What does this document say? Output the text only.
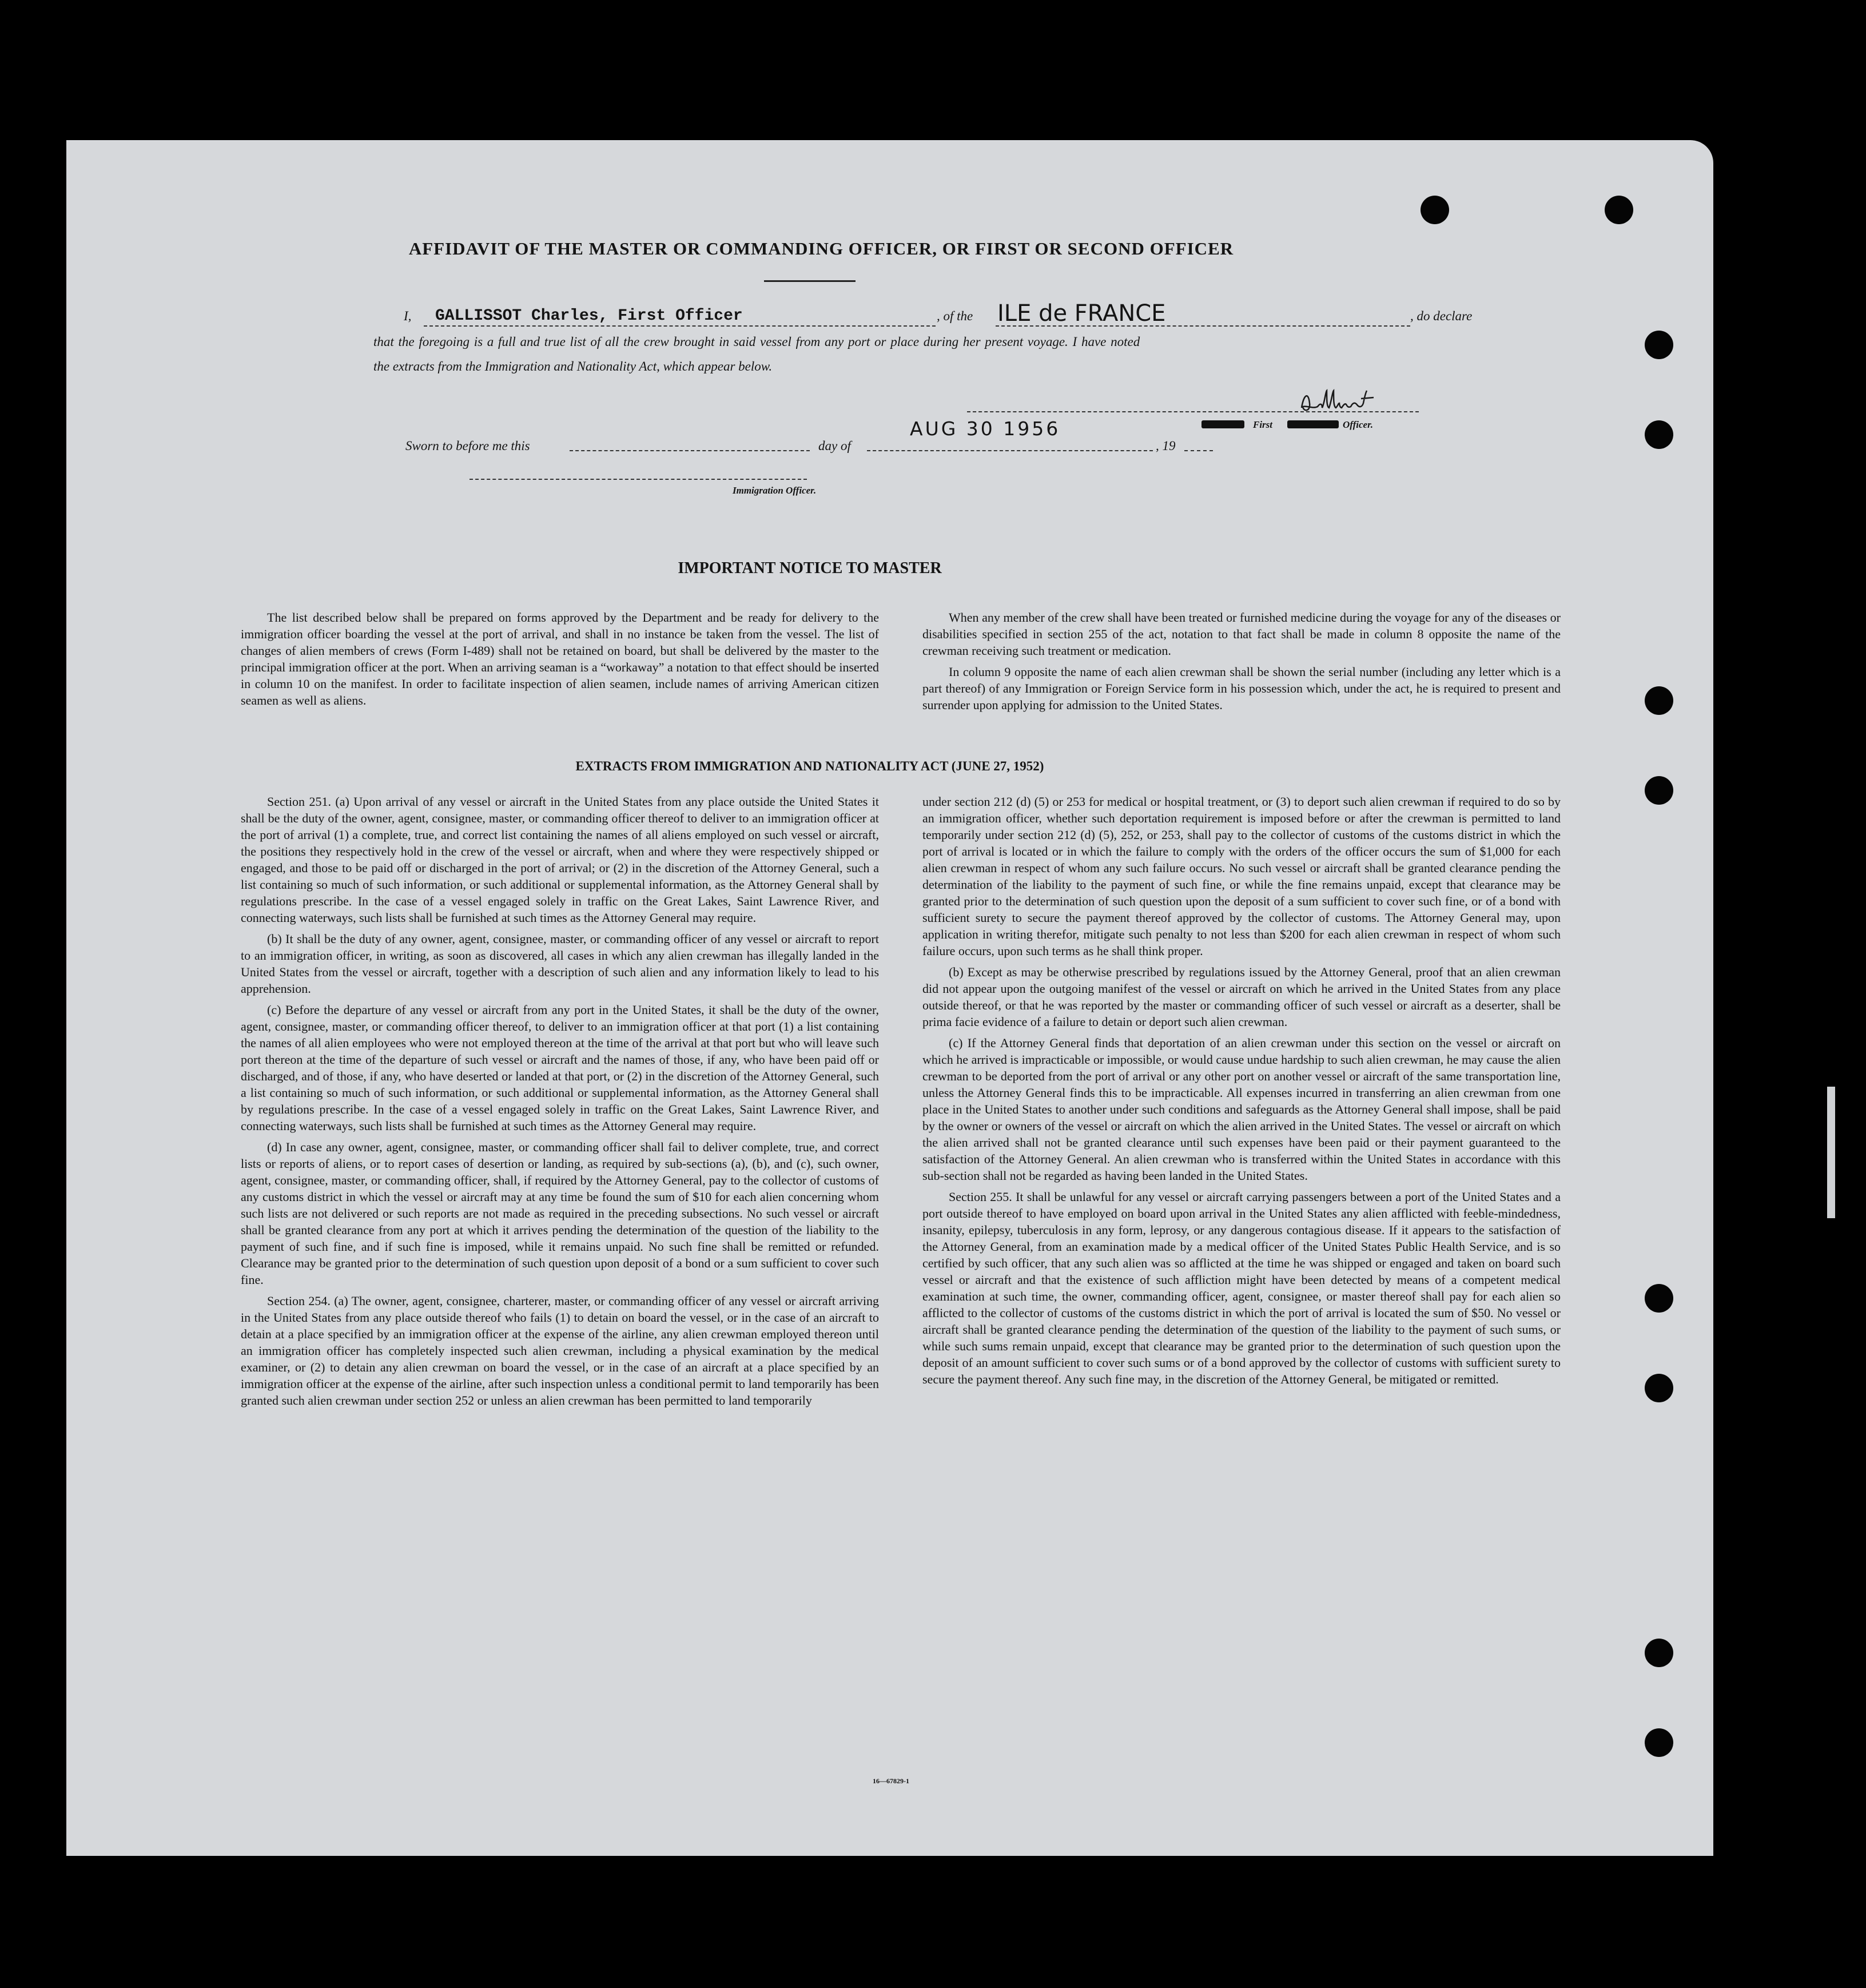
AFFIDAVIT OF THE MASTER OR COMMANDING OFFICER, OR FIRST OR SECOND OFFICER
I, GALLISSOT Charles, First Officer	, of the ILE de FRANCE	, do declare
that the foregoing is a full and true list of all the crew brought in said vessel from any port or place during her present voyage. I have noted
the extracts from the Immigration and Nationality Act, which appear below.
Sworn to before me this	day of
AUG 30 1956
, 19
First	Officer.
Immigration Officer.
IMPORTANT NOTICE TO MASTER

The list described below shall be prepared on forms approved by the Department and be ready for delivery to the immigration officer boarding the vessel at the port of arrival, and shall in no instance be taken from the vessel. The list of changes of alien members of crews (Form I-489) shall not be retained on board, but shall be delivered by the master to the principal immigration officer at the port. When an arriving seaman is a “workaway” a notation to that effect should be inserted in column 10 on the manifest. In order to facilitate inspection of alien seamen, include names of arriving American citizen seamen as well as aliens.

When any member of the crew shall have been treated or furnished medicine during the voyage for any of the diseases or disabilities specified in section 255 of the act, notation to that fact shall be made in column 8 opposite the name of the crewman receiving such treatment or medication.

In column 9 opposite the name of each alien crewman shall be shown the serial number (including any letter which is a part thereof) of any Immigration or Foreign Service form in his possession which, under the act, he is required to present and surrender upon applying for admission to the United States.

EXTRACTS FROM IMMIGRATION AND NATIONALITY ACT (JUNE 27, 1952)

Section 251. (a) Upon arrival of any vessel or aircraft in the United States from any place outside the United States it shall be the duty of the owner, agent, consignee, master, or commanding officer thereof to deliver to an immigration officer at the port of arrival (1) a complete, true, and correct list containing the names of all aliens employed on such vessel or aircraft, the positions they respectively hold in the crew of the vessel or aircraft, when and where they were respectively shipped or engaged, and those to be paid off or discharged in the port of arrival; or (2) in the discretion of the Attorney General, such a list containing so much of such information, or such additional or supplemental information, as the Attorney General shall by regulations prescribe. In the case of a vessel engaged solely in traffic on the Great Lakes, Saint Lawrence River, and connecting waterways, such lists shall be furnished at such times as the Attorney General may require.

(b) It shall be the duty of any owner, agent, consignee, master, or commanding officer of any vessel or aircraft to report to an immigration officer, in writing, as soon as discovered, all cases in which any alien crewman has illegally landed in the United States from the vessel or aircraft, together with a description of such alien and any information likely to lead to his apprehension.

(c) Before the departure of any vessel or aircraft from any port in the United States, it shall be the duty of the owner, agent, consignee, master, or commanding officer thereof, to deliver to an immigration officer at that port (1) a list containing the names of all alien employees who were not employed thereon at the time of the arrival at that port but who will leave such port thereon at the time of the departure of such vessel or aircraft and the names of those, if any, who have been paid off or discharged, and of those, if any, who have deserted or landed at that port, or (2) in the discretion of the Attorney General, such a list containing so much of such information, or such additional or supplemental information, as the Attorney General shall by regulations prescribe. In the case of a vessel engaged solely in traffic on the Great Lakes, Saint Lawrence River, and connecting waterways, such lists shall be furnished at such times as the Attorney General may require.

(d) In case any owner, agent, consignee, master, or commanding officer shall fail to deliver complete, true, and correct lists or reports of aliens, or to report cases of desertion or landing, as required by sub-sections (a), (b), and (c), such owner, agent, consignee, master, or commanding officer, shall, if required by the Attorney General, pay to the collector of customs of any customs district in which the vessel or aircraft may at any time be found the sum of $10 for each alien concerning whom such lists are not delivered or such reports are not made as required in the preceding subsections. No such vessel or aircraft shall be granted clearance from any port at which it arrives pending the determination of the question of the liability to the payment of such fine, and if such fine is imposed, while it remains unpaid. No such fine shall be remitted or refunded. Clearance may be granted prior to the determination of such question upon deposit of a bond or a sum sufficient to cover such fine.

Section 254. (a) The owner, agent, consignee, charterer, master, or commanding officer of any vessel or aircraft arriving in the United States from any place outside thereof who fails (1) to detain on board the vessel, or in the case of an aircraft to detain at a place specified by an immigration officer at the expense of the airline, any alien crewman employed thereon until an immigration officer has completely inspected such alien crewman, including a physical examination by the medical examiner, or (2) to detain any alien crewman on board the vessel, or in the case of an aircraft at a place specified by an immigration officer at the expense of the airline, after such inspection unless a conditional permit to land temporarily has been granted such alien crewman under section 252 or unless an alien crewman has been permitted to land temporarily

under section 212 (d) (5) or 253 for medical or hospital treatment, or (3) to deport such alien crewman if required to do so by an immigration officer, whether such deportation requirement is imposed before or after the crewman is permitted to land temporarily under section 212 (d) (5), 252, or 253, shall pay to the collector of customs of the customs district in which the port of arrival is located or in which the failure to comply with the orders of the officer occurs the sum of $1,000 for each alien crewman in respect of whom any such failure occurs. No such vessel or aircraft shall be granted clearance pending the determination of the liability to the payment of such fine, or while the fine remains unpaid, except that clearance may be granted prior to the determination of such question upon the deposit of a sum sufficient to cover such fine, or of a bond with sufficient surety to secure the payment thereof approved by the collector of customs. The Attorney General may, upon application in writing therefor, mitigate such penalty to not less than $200 for each alien crewman in respect of whom such failure occurs, upon such terms as he shall think proper.

(b) Except as may be otherwise prescribed by regulations issued by the Attorney General, proof that an alien crewman did not appear upon the outgoing manifest of the vessel or aircraft on which he arrived in the United States from any place outside thereof, or that he was reported by the master or commanding officer of such vessel or aircraft as a deserter, shall be prima facie evidence of a failure to detain or deport such alien crewman.

(c) If the Attorney General finds that deportation of an alien crewman under this section on the vessel or aircraft on which he arrived is impracticable or impossible, or would cause undue hardship to such alien crewman, he may cause the alien crewman to be deported from the port of arrival or any other port on another vessel or aircraft of the same transportation line, unless the Attorney General finds this to be impracticable. All expenses incurred in transferring an alien crewman from one place in the United States to another under such conditions and safeguards as the Attorney General shall impose, shall be paid by the owner or owners of the vessel or aircraft on which the alien arrived in the United States. The vessel or aircraft on which the alien arrived shall not be granted clearance until such expenses have been paid or their payment guaranteed to the satisfaction of the Attorney General. An alien crewman who is transferred within the United States in accordance with this sub-section shall not be regarded as having been landed in the United States.

Section 255. It shall be unlawful for any vessel or aircraft carrying passengers between a port of the United States and a port outside thereof to have employed on board upon arrival in the United States any alien afflicted with feeble-mindedness, insanity, epilepsy, tuberculosis in any form, leprosy, or any dangerous contagious disease. If it appears to the satisfaction of the Attorney General, from an examination made by a medical officer of the United States Public Health Service, and is so certified by such officer, that any such alien was so afflicted at the time he was shipped or engaged and taken on board such vessel or aircraft and that the existence of such affliction might have been detected by means of a competent medical examination at such time, the owner, commanding officer, agent, consignee, or master thereof shall pay for each alien so afflicted to the collector of customs of the customs district in which the port of arrival is located the sum of $50. No vessel or aircraft shall be granted clearance pending the determination of the question of the liability to the payment of such sums, or while such sums remain unpaid, except that clearance may be granted prior to the determination of such question upon the deposit of an amount sufficient to cover such sums or of a bond approved by the collector of customs with sufficient surety to secure the payment thereof. Any such fine may, in the discretion of the Attorney General, be mitigated or remitted.

16—67829-1
